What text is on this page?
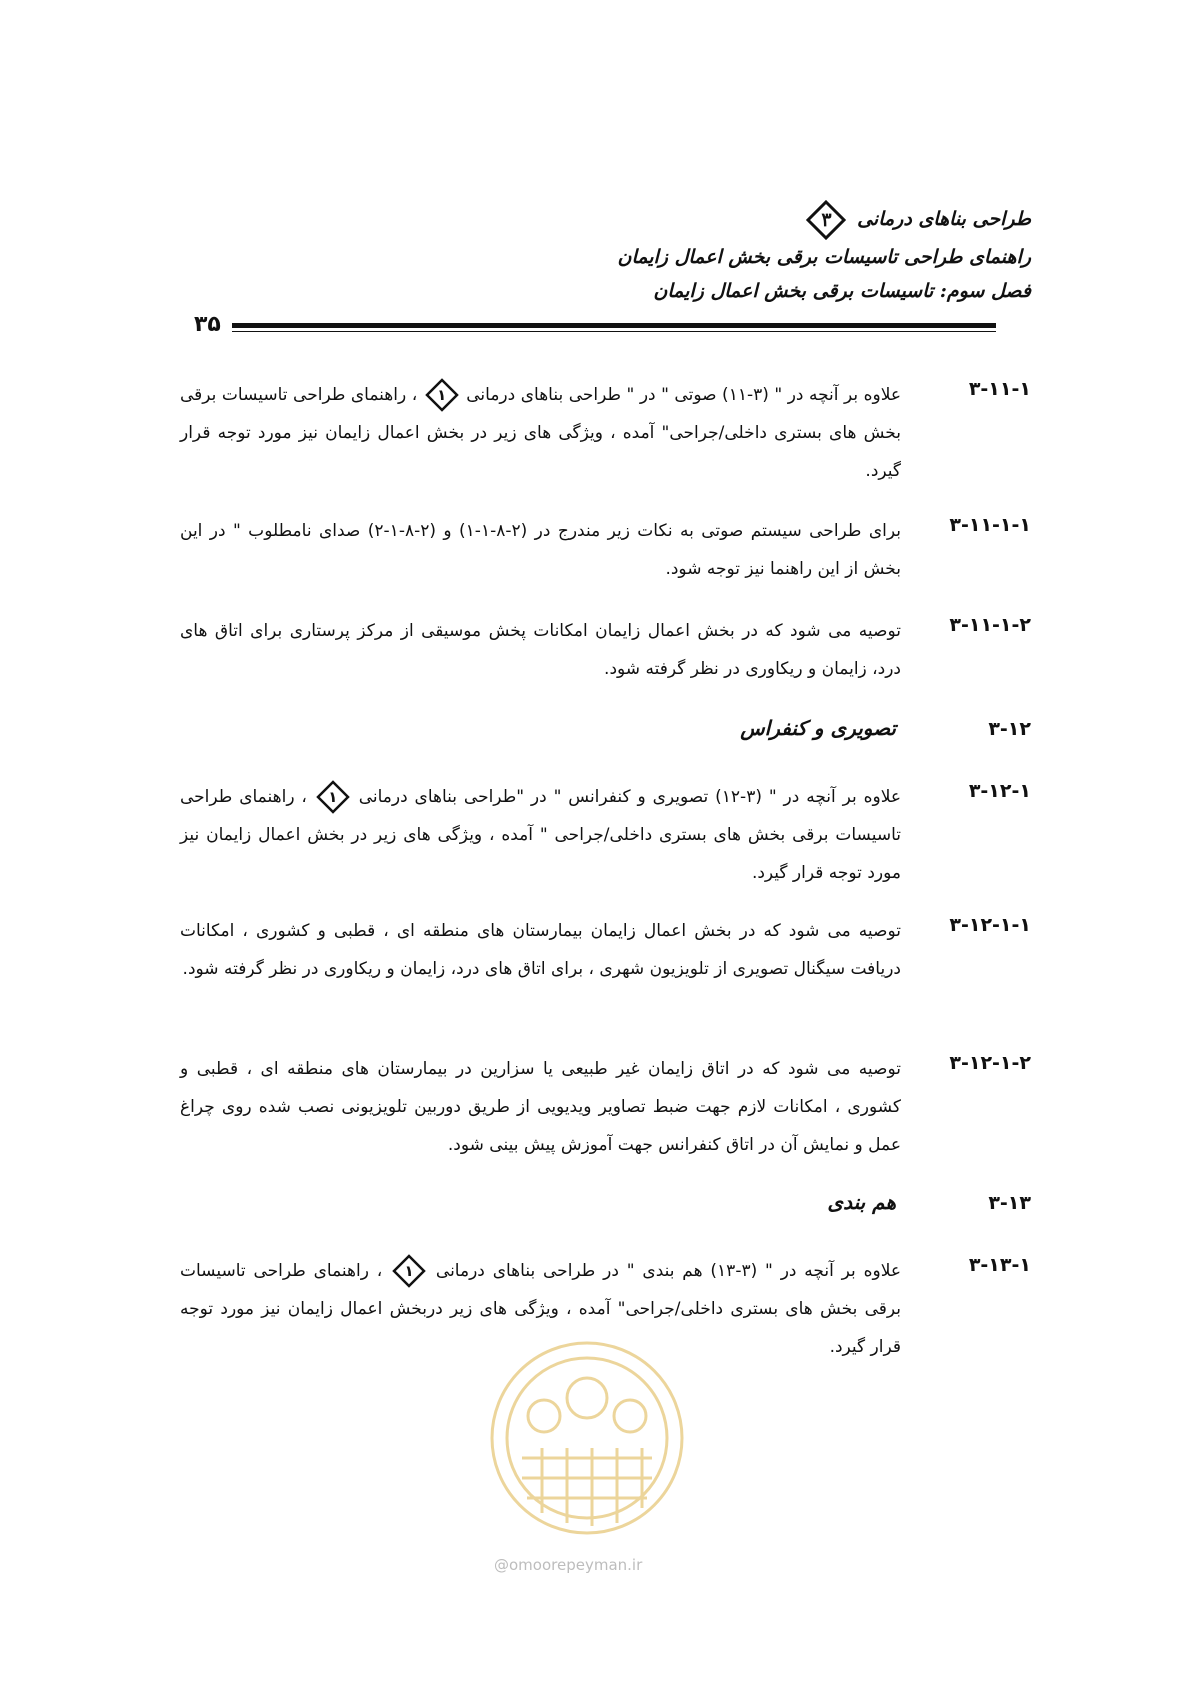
طراحی بناهای درمانی
۳
راهنمای طراحی تاسیسات برقی بخش اعمال زایمان
فصل سوم: تاسیسات برقی بخش اعمال زایمان
۳۵
۳-۱۱-۱
علاوه بر آنچه در " (۳-۱۱) صوتی " در " طراحی بناهای درمانی
۱
، راهنمای طراحی تاسیسات برقی بخش های بستری داخلی/جراحی" آمده ، ویژگی های زیر در بخش اعمال زایمان نیز مورد توجه قرار گیرد.
۳-۱۱-۱-۱
برای طراحی سیستم صوتی به نکات زیر مندرج در (۲-۸-۱-۱) و (۲-۸-۱-۲) صدای نامطلوب " در این بخش از این راهنما نیز توجه شود.
۳-۱۱-۱-۲
توصیه می شود که در بخش اعمال زایمان امکانات پخش موسیقی از مرکز پرستاری برای اتاق های درد، زایمان و ریکاوری در نظر گرفته شود.
۳-۱۲
تصویری و کنفراس
۳-۱۲-۱
علاوه بر آنچه در " (۳-۱۲) تصویری و کنفرانس " در "طراحی بناهای درمانی
۱
، راهنمای طراحی تاسیسات برقی بخش های بستری داخلی/جراحی " آمده ، ویژگی های زیر در بخش اعمال زایمان نیز مورد توجه قرار گیرد.
۳-۱۲-۱-۱
توصیه می شود که در بخش اعمال زایمان بیمارستان های منطقه ای ، قطبی و کشوری ، امکانات دریافت سیگنال تصویری از تلویزیون شهری ، برای اتاق های درد، زایمان و ریکاوری در نظر گرفته شود.
۳-۱۲-۱-۲
توصیه می شود که در اتاق زایمان غیر طبیعی یا سزارین در بیمارستان های منطقه ای ، قطبی و کشوری ، امکانات لازم جهت ضبط تصاویر ویدیویی از طریق دوربین تلویزیونی نصب شده روی چراغ عمل و نمایش آن در اتاق کنفرانس جهت آموزش پیش بینی شود.
۳-۱۳
هم بندی
۳-۱۳-۱
علاوه بر آنچه در " (۳-۱۳) هم بندی " در طراحی بناهای درمانی
۱
، راهنمای طراحی تاسیسات برقی بخش های بستری داخلی/جراحی" آمده ، ویژگی های زیر دربخش اعمال زایمان نیز مورد توجه قرار گیرد.
@omoorepeyman.ir
